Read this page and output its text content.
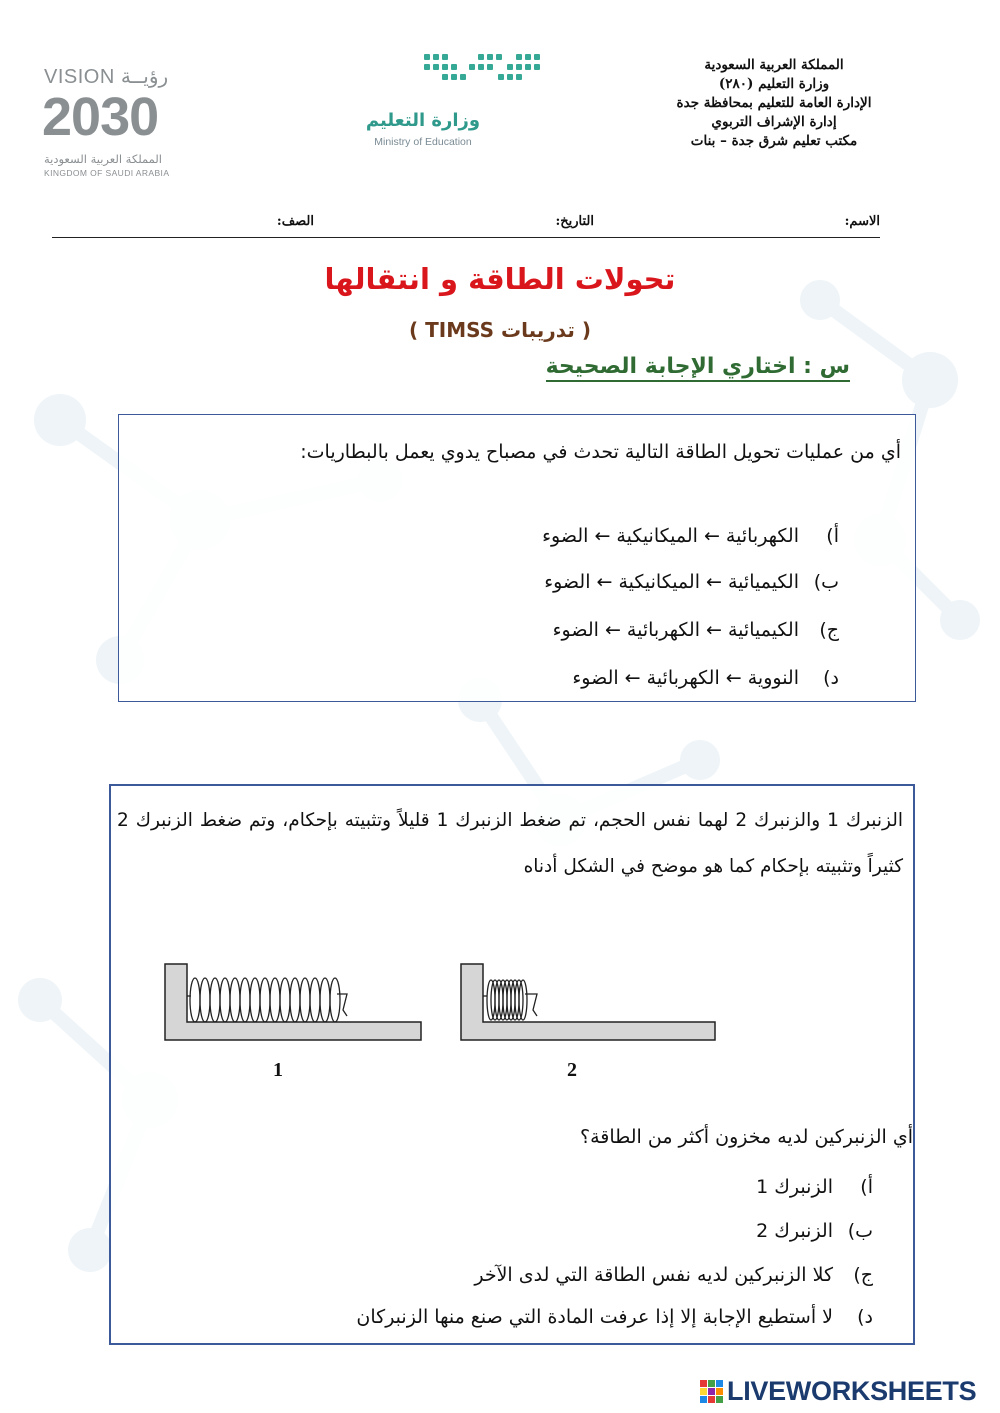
المملكة العربية السعودية
وزارة التعليم (٢٨٠)
الإدارة العامة للتعليم بمحافظة جدة
إدارة الإشراف التربوي
مكتب تعليم شرق جدة – بنات
وزارة التعليم
Ministry of Education
VISION رؤيــة
2030
المملكة العربية السعودية
KINGDOM OF SAUDI ARABIA
الاسم:
التاريخ:
الصف:
تحولات الطاقة و انتقالها
( تدريبات TIMSS )
س : اختاري الإجابة الصحيحة
أي من عمليات تحويل الطاقة التالية تحدث في مصباح يدوي يعمل بالبطاريات:
أ)الكهربائية ← الميكانيكية ← الضوء
ب)الكيميائية ← الميكانيكية ← الضوء
ج)الكيميائية ← الكهربائية ← الضوء
د)النووية ← الكهربائية ← الضوء
الزنبرك 1 والزنبرك 2 لهما نفس الحجم، تم ضغط الزنبرك 1 قليلاً وتثبيته بإحكام، وتم ضغط الزنبرك 2 كثيراً وتثبيته بإحكام كما هو موضح في الشكل أدناه
1	2
أي الزنبركين لديه مخزون أكثر من الطاقة؟
أ)الزنبرك 1
ب)الزنبرك 2
ج)كلا الزنبركين لديه نفس الطاقة التي لدى الآخر
د)لا أستطيع الإجابة إلا إذا عرفت المادة التي صنع منها الزنبركان
LIVEWORKSHEETS
